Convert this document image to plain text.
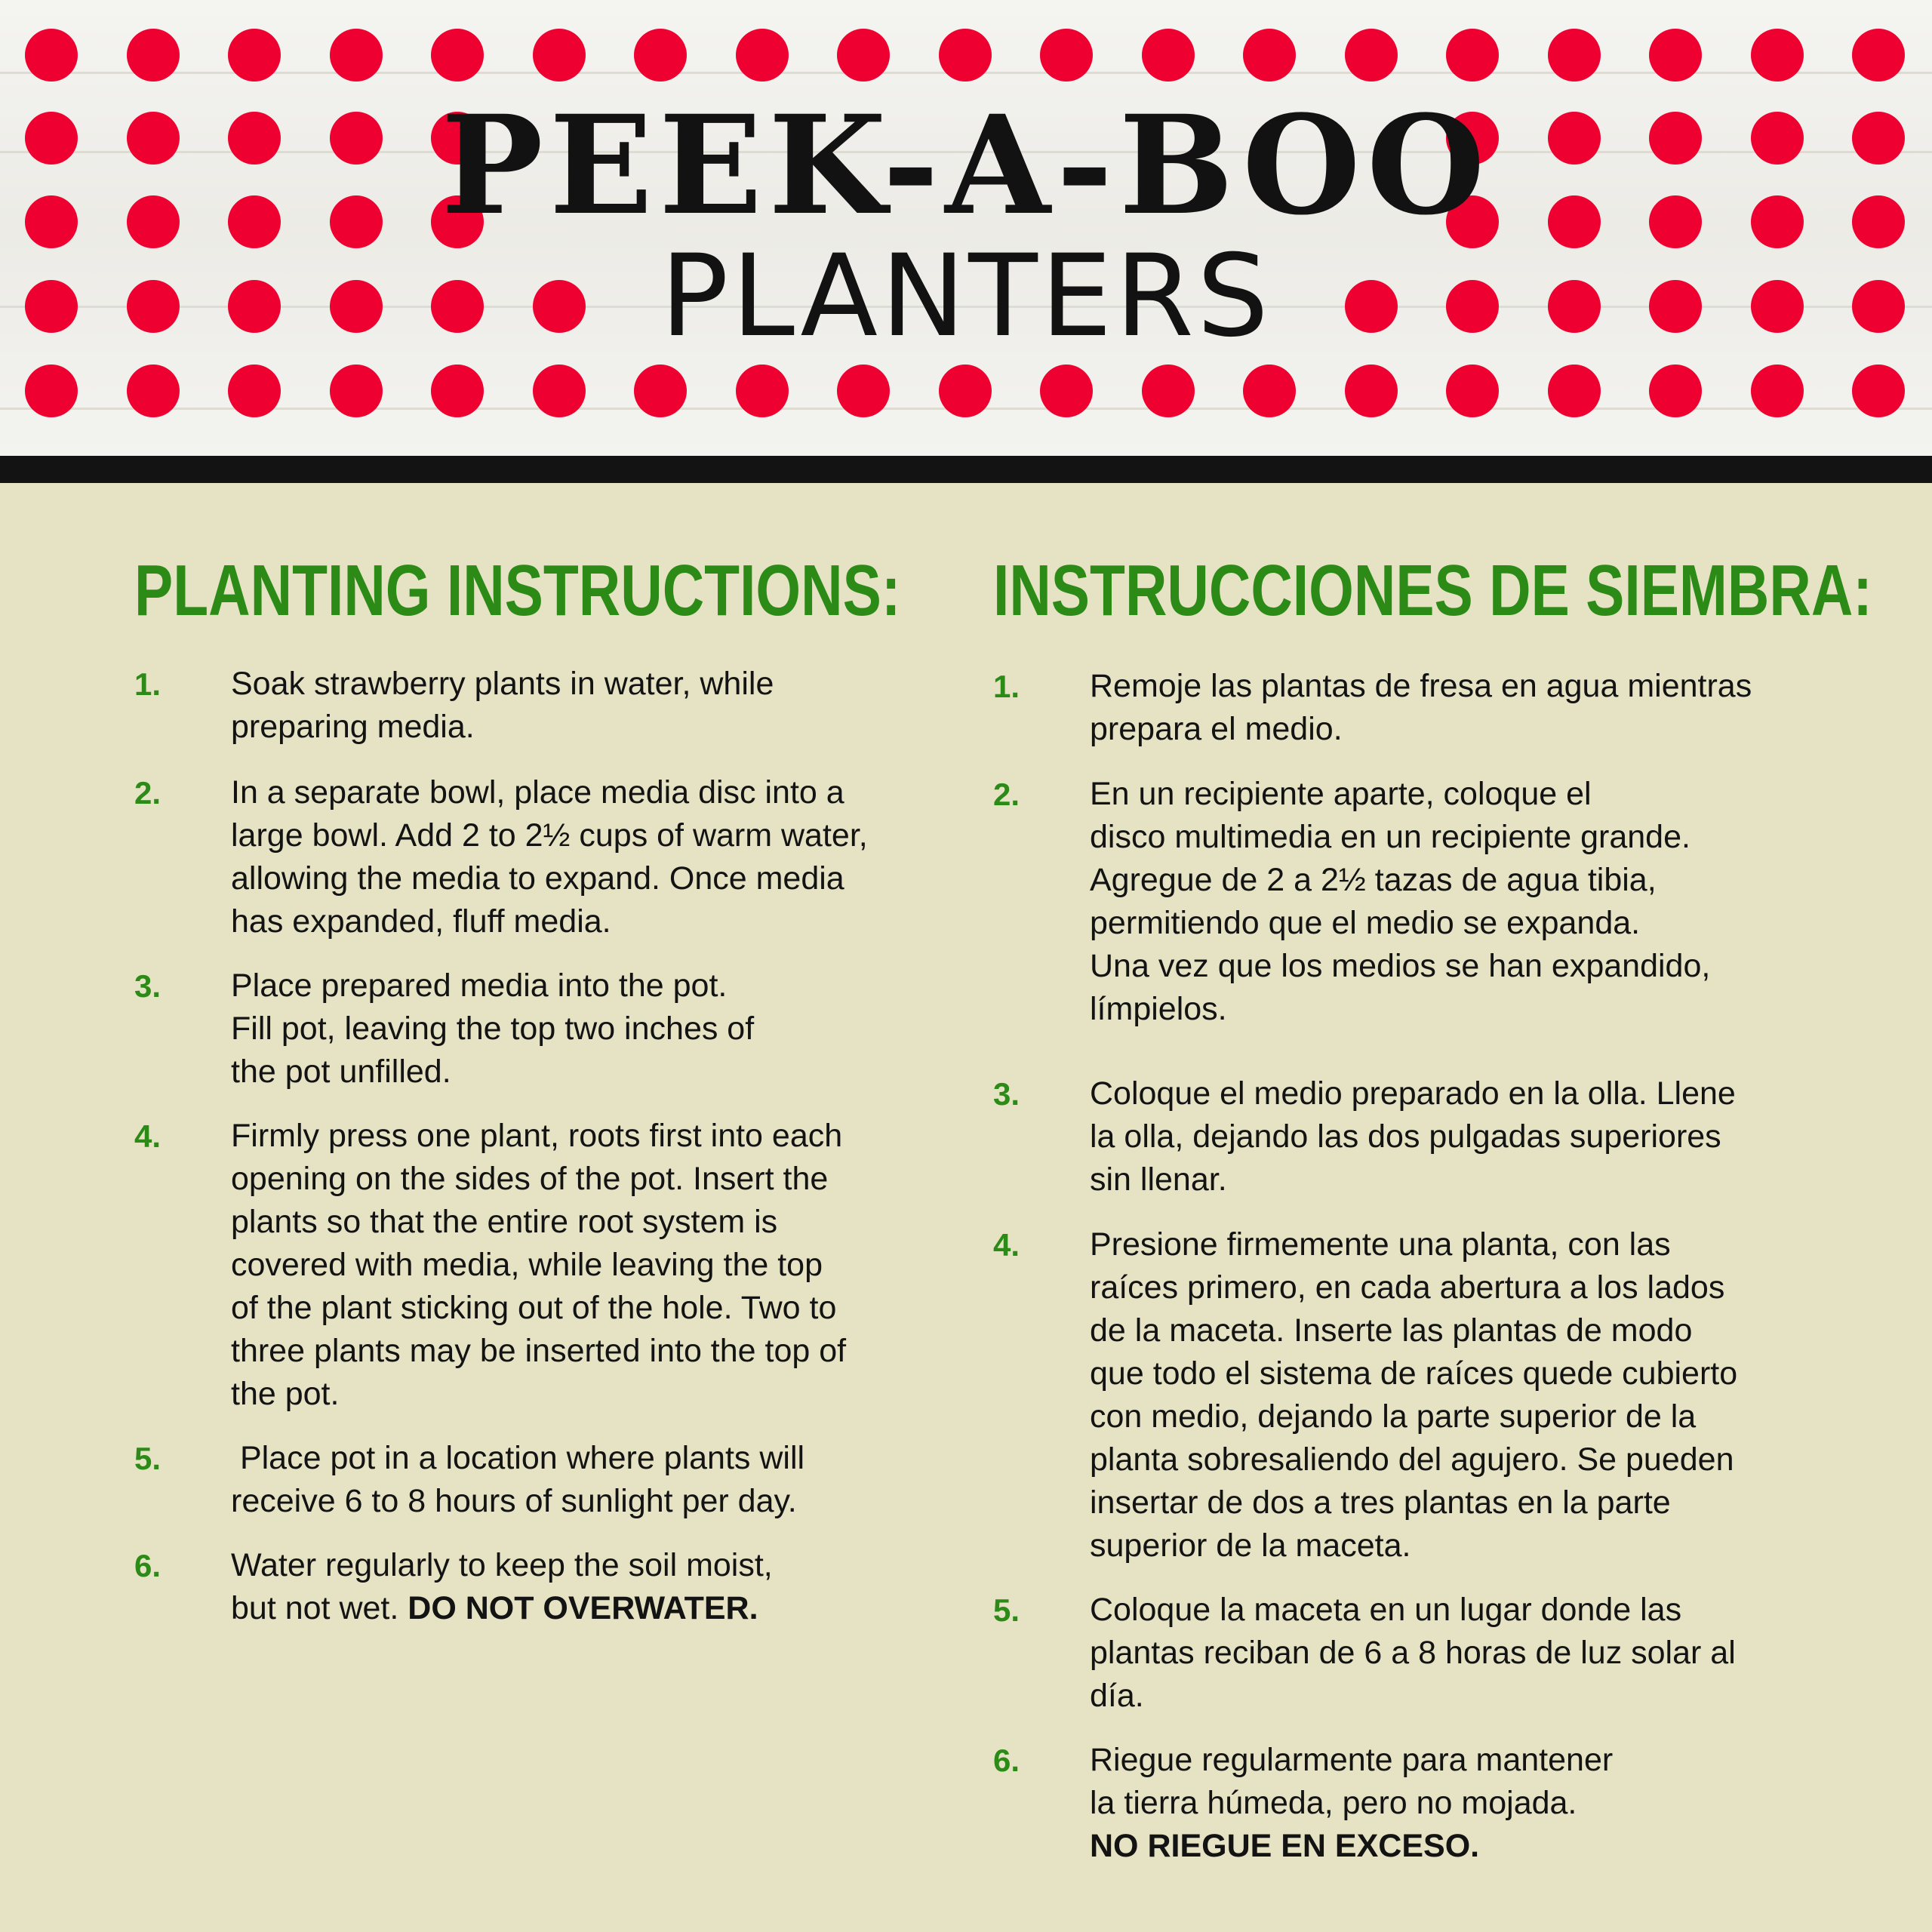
PEEK-A-BOO
PLANTERS
PLANTING INSTRUCTIONS:
1. Soak strawberry plants in water, while
preparing media.
2. In a separate bowl, place media disc into a
large bowl. Add 2 to 2½ cups of warm water,
allowing the media to expand. Once media
has expanded, fluff media.
3. Place prepared media into the pot.
Fill pot, leaving the top two inches of
the pot unfilled.
4. Firmly press one plant, roots first into each
opening on the sides of the pot. Insert the
plants so that the entire root system is
covered with media, while leaving the top
of the plant sticking out of the hole. Two to
three plants may be inserted into the top of
the pot.
5. Place pot in a location where plants will
receive 6 to 8 hours of sunlight per day.
6. Water regularly to keep the soil moist,
but not wet. DO NOT OVERWATER.
INSTRUCCIONES DE SIEMBRA:
1. Remoje las plantas de fresa en agua mientras
prepara el medio.
2. En un recipiente aparte, coloque el
disco multimedia en un recipiente grande.
Agregue de 2 a 2½ tazas de agua tibia,
permitiendo que el medio se expanda.
Una vez que los medios se han expandido,
límpielos.
3. Coloque el medio preparado en la olla. Llene
la olla, dejando las dos pulgadas superiores
sin llenar.
4. Presione firmemente una planta, con las
raíces primero, en cada abertura a los lados
de la maceta. Inserte las plantas de modo
que todo el sistema de raíces quede cubierto
con medio, dejando la parte superior de la
planta sobresaliendo del agujero. Se pueden
insertar de dos a tres plantas en la parte
superior de la maceta.
5. Coloque la maceta en un lugar donde las
plantas reciban de 6 a 8 horas de luz solar al
día.
6. Riegue regularmente para mantener
la tierra húmeda, pero no mojada.
NO RIEGUE EN EXCESO.
